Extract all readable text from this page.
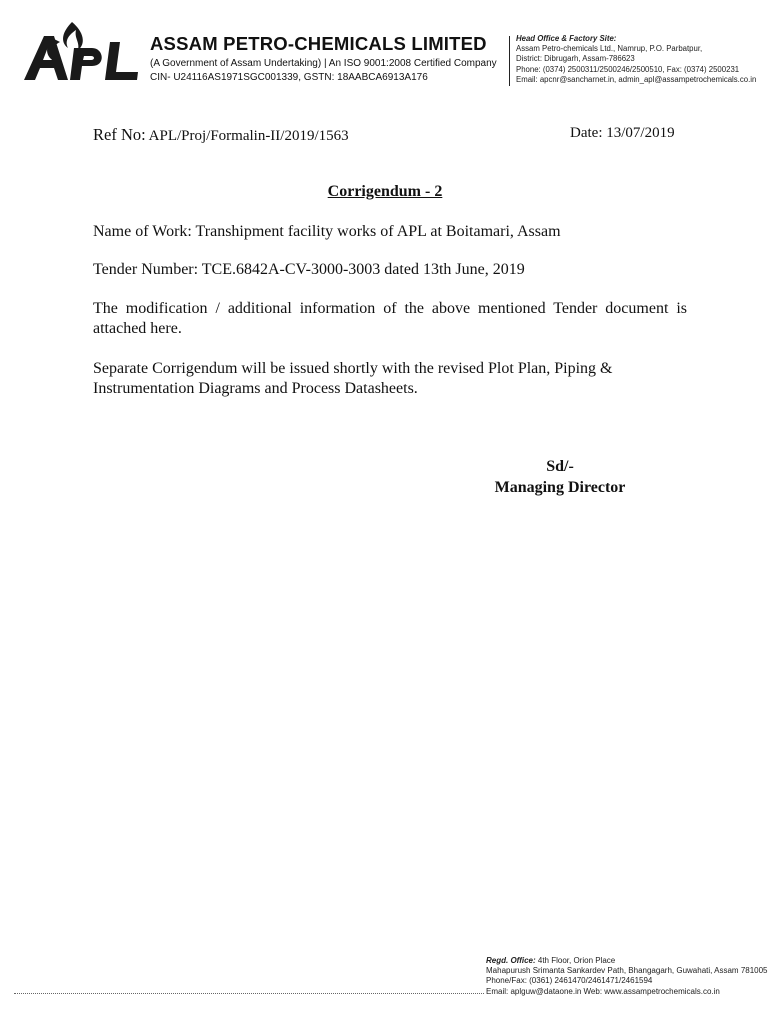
ASSAM PETRO-CHEMICALS LIMITED
(A Government of Assam Undertaking) | An ISO 9001:2008 Certified Company
CIN- U24116AS1971SGC001339, GSTN: 18AABCA6913A176
Head Office & Factory Site:
Assam Petro-chemicals Ltd., Namrup, P.O. Parbatpur,
District: Dibrugarh, Assam-786623
Phone: (0374) 2500311/2500246/2500510, Fax: (0374) 2500231
Email: apcnr@sancharnet.in, admin_apl@assampetrochemicals.co.in
Ref No: APL/Proj/Formalin-II/2019/1563	Date: 13/07/2019
Corrigendum - 2
Name of Work: Transhipment facility works of APL at Boitamari, Assam
Tender Number: TCE.6842A-CV-3000-3003 dated 13th June, 2019
The modification / additional information of the above mentioned Tender document is attached here.
Separate Corrigendum will be issued shortly with the revised Plot Plan, Piping & Instrumentation Diagrams and Process Datasheets.
Sd/-
Managing Director
Regd. Office: 4th Floor, Orion Place
Mahapurush Srimanta Sankardev Path, Bhangagarh, Guwahati, Assam 781005
Phone/Fax: (0361) 2461470/2461471/2461594
Email: aplguw@dataone.in Web: www.assampetrochemicals.co.in
